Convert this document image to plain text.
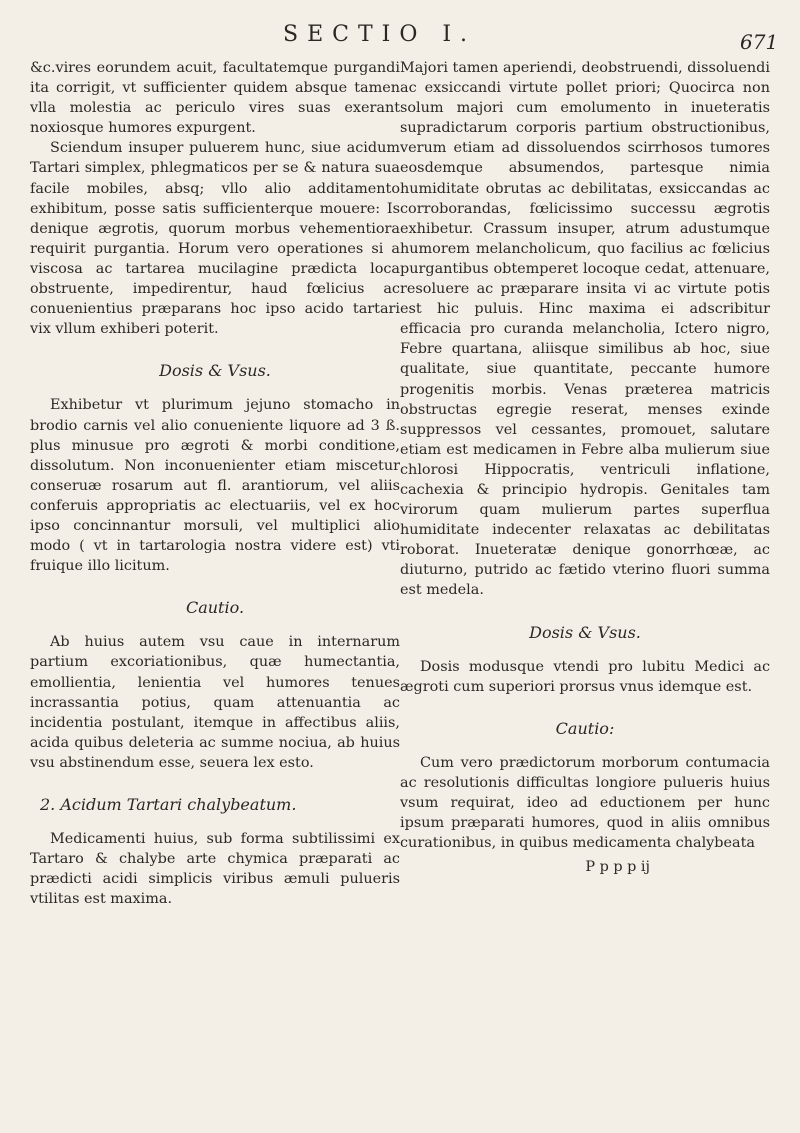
SECTIO I.	671

&c.vires eorundem acuit, facultatemque purgandi ita corrigit, vt sufficienter quidem absque tamen vlla molestia ac periculo vires suas exerant noxiosque humores expurgent.

Sciendum insuper puluerem hunc, siue acidum Tartari simplex, phlegmaticos per se & natura sua facile mobiles, absq; vllo alio additamento exhibitum, posse satis sufficienterque mouere: Is denique ægrotis, quorum morbus vehementiora requirit purgantia. Horum vero operationes si a viscosa ac tartarea mucilagine prædicta loca obstruente, impedirentur, haud fœlicius ac conuenientius præparans hoc ipso acido tartari vix vllum exhiberi poterit.

Dosis & Vsus.

Exhibetur vt plurimum jejuno stomacho in brodio carnis vel alio conueniente liquore ad 3 ß. plus minusue pro ægroti & morbi conditione, dissolutum. Non inconuenienter etiam miscetur conseruæ rosarum aut fl. arantiorum, vel aliis conferuis appropriatis ac electuariis, vel ex hoc ipso concinnantur morsuli, vel multiplici alio modo ( vt in tartarologia nostra videre est) vti fruique illo licitum.

Cautio.

Ab huius autem vsu caue in internarum partium excoriationibus, quæ humectantia, emollientia, lenientia vel humores tenues incrassantia potius, quam attenuantia ac incidentia postulant, itemque in affectibus aliis, acida quibus deleteria ac summe nociua, ab huius vsu abstinendum esse, seuera lex esto.

2. Acidum Tartari chalybeatum.

Medicamenti huius, sub forma subtilissimi ex Tartaro & chalybe arte chymica præparati ac prædicti acidi simplicis viribus æmuli pulueris vtilitas est maxima.

Majori tamen aperiendi, deobstruendi, dissoluendi ac exsiccandi virtute pollet priori; Quocirca non solum majori cum emolumento in inueteratis supradictarum corporis partium obstructionibus, verum etiam ad dissoluendos scirrhosos tumores eosdemque absumendos, partesque nimia humiditate obrutas ac debilitatas, exsiccandas ac corroborandas, fœlicissimo successu ægrotis exhibetur. Crassum insuper, atrum adustumque humorem melancholicum, quo facilius ac fœlicius purgantibus obtemperet locoque cedat, attenuare, resoluere ac præparare insita vi ac virtute potis est hic puluis. Hinc maxima ei adscribitur efficacia pro curanda melancholia, Ictero nigro, Febre quartana, aliisque similibus ab hoc, siue qualitate, siue quantitate, peccante humore progenitis morbis. Venas præterea matricis obstructas egregie reserat, menses exinde suppressos vel cessantes, promouet, salutare etiam est medicamen in Febre alba mulierum siue chlorosi Hippocratis, ventriculi inflatione, cachexia & principio hydropis. Genitales tam virorum quam mulierum partes superflua humiditate indecenter relaxatas ac debilitatas roborat. Inueteratæ denique gonorrhœæ, ac diuturno, putrido ac fætido vterino fluori summa est medela.

Dosis & Vsus.

Dosis modusque vtendi pro lubitu Medici ac ægroti cum superiori prorsus vnus idemque est.

Cautio:

Cum vero prædictorum morborum contumacia ac resolutionis difficultas longiore pulueris huius vsum requirat, ideo ad eductionem per hunc ipsum præparati humores, quod in aliis omnibus curationibus, in quibus medicamenta chalybeata

P p p p ij
